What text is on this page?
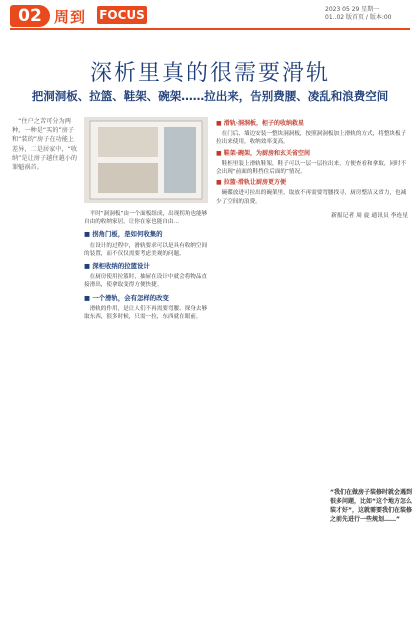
02 周到 FOCUS	2023 05 29 星期一
01..02 版首页 / 版本:00
深析里真的很需要滑轨
把洞洞板、拉篮、鞋架、碗架……拉出来，告别费腰、凌乱和浪费空间

　“住户之苦可分为两种，一种是“买的”房子和“装的”房子在功能上差异，二是居家中，“收纳”是让房子越住越小的罪魁祸首。

平时“洞洞板”由一个面板组成，出现拐角也能够自由的收纳家居，让你在家也能自由…

■ 拐角门板，是如何收集的

在设计的过程中，滑轨要求可以是具有收纳空间的装置，而不仅仅需要考虑美观的问题。

■ 深柜收纳的拉篮设计

在厨房使用拉篮时，抽屉在设计中就会将物品直接滑出，使拿取变得方便快捷。

■ 一个滑轨，会有怎样的改变

滑轨的作用，是让人们不再需要弯腰、探身去够取东西，很多时候，只需一拉，东西就在眼前。

■ 滑轨·洞洞板，柜子的收纳救星

在门后、墙边安装一整块洞洞板，按照洞洞板加上滑轨的方式，将整块板子拉出来使用，收纳效率变高。

■ 鞋架·碗架，为厨房和玄关省空间

鞋柜里装上滑轨鞋架，鞋子可以一层一层拉出来，方便查看和拿取，同时不会出现“前面的鞋挡住后面的”情况。

■ 拉篮·滑轨让厨房更方便

碗碟放进可拉出的碗架里，取放不再需要弯腰找寻，厨房整洁又省力，也减少了空间的浪费。

新报记者 周 旋 通讯员 李连星
“我们在做房子装修时就会遇到很多问题，比如“这个地方怎么装才好”，这就需要我们在装修之前先进行一些规划……”
